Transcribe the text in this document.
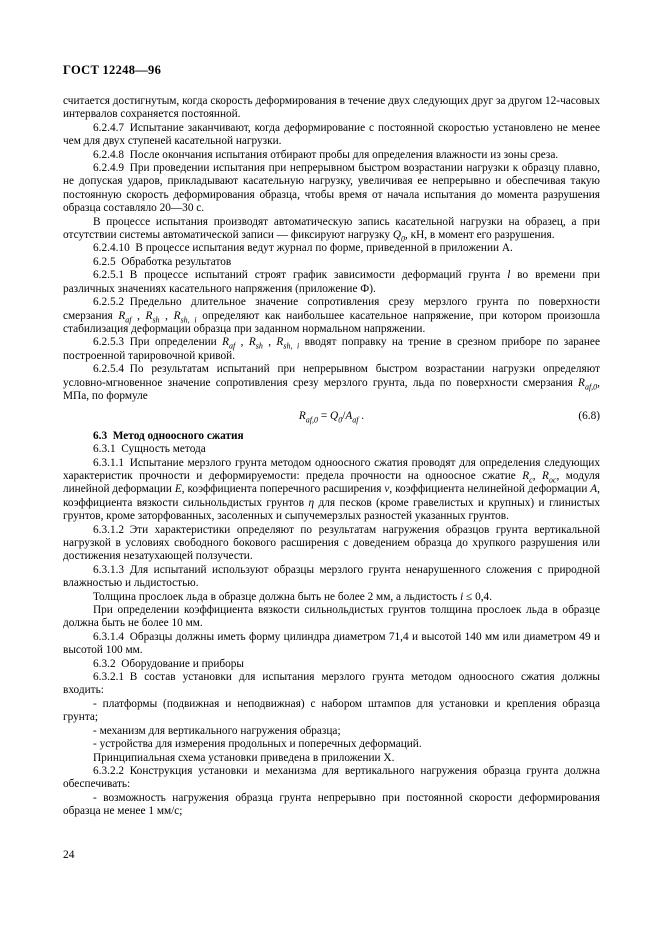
ГОСТ 12248—96

считается достигнутым, когда скорость деформирования в течение двух следующих друг за другом 12-часовых интервалов сохраняется постоянной.

6.2.4.7 Испытание заканчивают, когда деформирование с постоянной скоростью установлено не менее чем для двух ступеней касательной нагрузки.

6.2.4.8 После окончания испытания отбирают пробы для определения влажности из зоны среза.

6.2.4.9 При проведении испытания при непрерывном быстром возрастании нагрузки к образцу плавно, не допуская ударов, прикладывают касательную нагрузку, увеличивая ее непрерывно и обеспечивая такую постоянную скорость деформирования образца, чтобы время от начала испытания до момента разрушения образца составляло 20—30 с.

В процессе испытания производят автоматическую запись касательной нагрузки на образец, а при отсутствии системы автоматической записи — фиксируют нагрузку $Q_0$, кН, в момент его разрушения.

6.2.4.10 В процессе испытания ведут журнал по форме, приведенной в приложении А.

6.2.5 Обработка результатов

6.2.5.1 В процессе испытаний строят график зависимости деформаций грунта l во времени при различных значениях касательного напряжения (приложение Ф).

6.2.5.2 Предельно длительное значение сопротивления срезу мерзлого грунта по поверхности смерзания $R_{af}$ , $R_{sh}$ , $R_{sh, i}$ определяют как наибольшее касательное напряжение, при котором произошла стабилизация деформации образца при заданном нормальном напряжении.

6.2.5.3 При определении $R_{af}$ , $R_{sh}$ , $R_{sh, i}$ вводят поправку на трение в срезном приборе по заранее построенной тарировочной кривой.

6.2.5.4 По результатам испытаний при непрерывном быстром возрастании нагрузки определяют условно-мгновенное значение сопротивления срезу мерзлого грунта, льда по поверхности смерзания $R_{af,0}$, МПа, по формуле

$R_{af,0} = Q_0/A_{af}$ .	(6.8)

6.3 Метод одноосного сжатия

6.3.1 Сущность метода

6.3.1.1 Испытание мерзлого грунта методом одноосного сжатия проводят для определения следующих характеристик прочности и деформируемости: предела прочности на одноосное сжатие $R_c$, $R_{oc}$, модуля линейной деформации E, коэффициента поперечного расширения ν, коэффициента нелинейной деформации A, коэффициента вязкости сильнольдистых грунтов η для песков (кроме гравелистых и крупных) и глинистых грунтов, кроме заторфованных, засоленных и сыпучемерзлых разностей указанных грунтов.

6.3.1.2 Эти характеристики определяют по результатам нагружения образцов грунта вертикальной нагрузкой в условиях свободного бокового расширения с доведением образца до хрупкого разрушения или достижения незатухающей ползучести.

6.3.1.3 Для испытаний используют образцы мерзлого грунта ненарушенного сложения с природной влажностью и льдистостью.

Толщина прослоек льда в образце должна быть не более 2 мм, а льдистость i ≤ 0,4.

При определении коэффициента вязкости сильнольдистых грунтов толщина прослоек льда в образце должна быть не более 10 мм.

6.3.1.4 Образцы должны иметь форму цилиндра диаметром 71,4 и высотой 140 мм или диаметром 49 и высотой 100 мм.

6.3.2 Оборудование и приборы

6.3.2.1 В состав установки для испытания мерзлого грунта методом одноосного сжатия должны входить:

- платформы (подвижная и неподвижная) с набором штампов для установки и крепления образца грунта;

- механизм для вертикального нагружения образца;

- устройства для измерения продольных и поперечных деформаций.

Принципиальная схема установки приведена в приложении Х.

6.3.2.2 Конструкция установки и механизма для вертикального нагружения образца грунта должна обеспечивать:

- возможность нагружения образца грунта непрерывно при постоянной скорости деформирования образца не менее 1 мм/с;

24
